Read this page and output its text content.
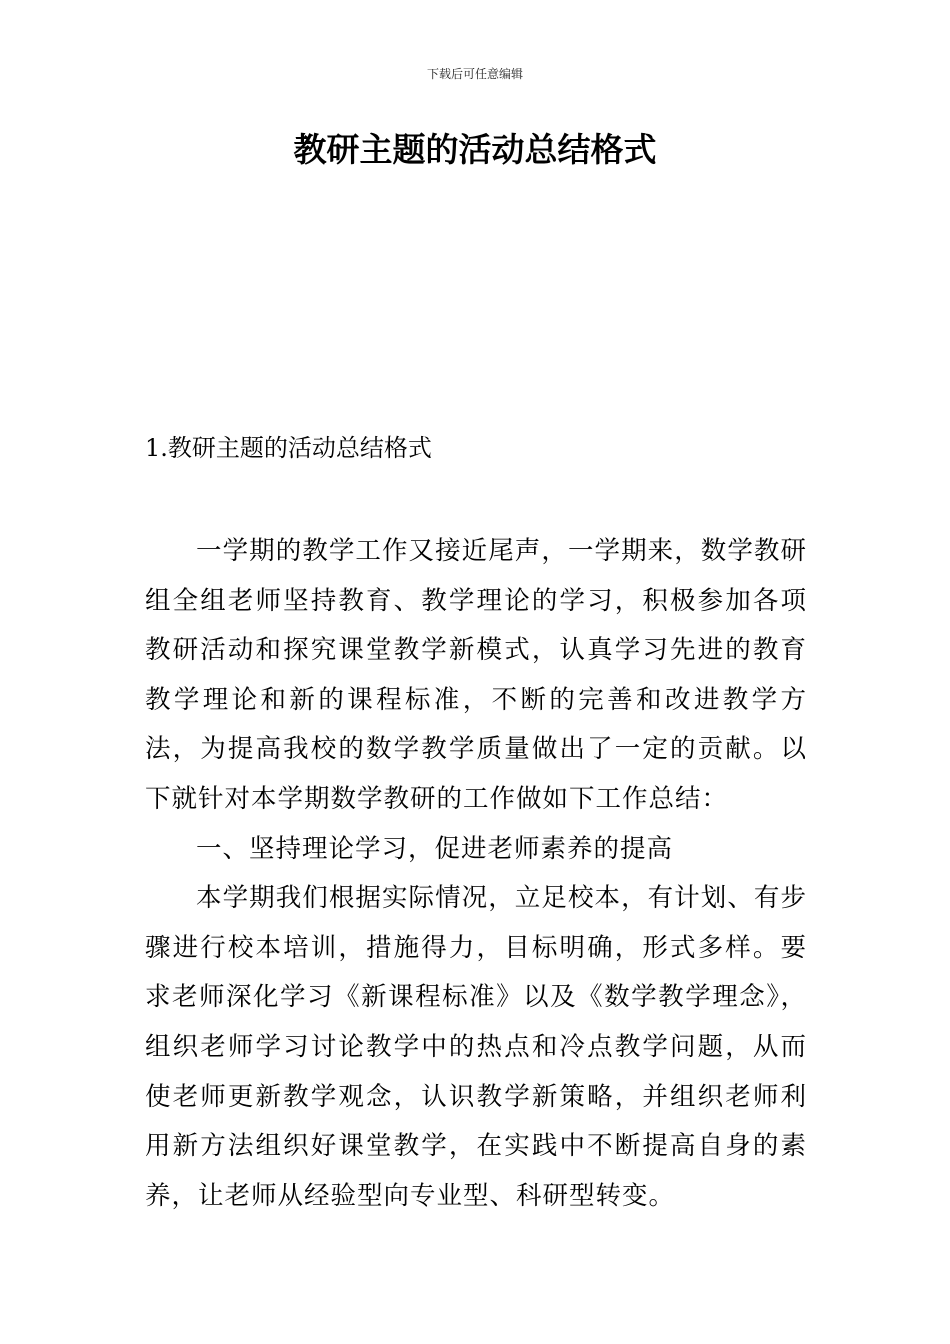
下载后可任意编辑
教研主题的活动总结格式
1.教研主题的活动总结格式

一学期的教学工作又接近尾声，一学期来，数学教研组全组老师坚持教育、教学理论的学习，积极参加各项教研活动和探究课堂教学新模式，认真学习先进的教育教学理论和新的课程标准，不断的完善和改进教学方法，为提高我校的数学教学质量做出了一定的贡献。以下就针对本学期数学教研的工作做如下工作总结：

一、坚持理论学习，促进老师素养的提高

本学期我们根据实际情况，立足校本，有计划、有步骤进行校本培训，措施得力，目标明确，形式多样。要求老师深化学习《新课程标准》以及《数学教学理念》，组织老师学习讨论教学中的热点和冷点教学问题，从而使老师更新教学观念，认识教学新策略，并组织老师利用新方法组织好课堂教学，在实践中不断提高自身的素养，让老师从经验型向专业型、科研型转变。
